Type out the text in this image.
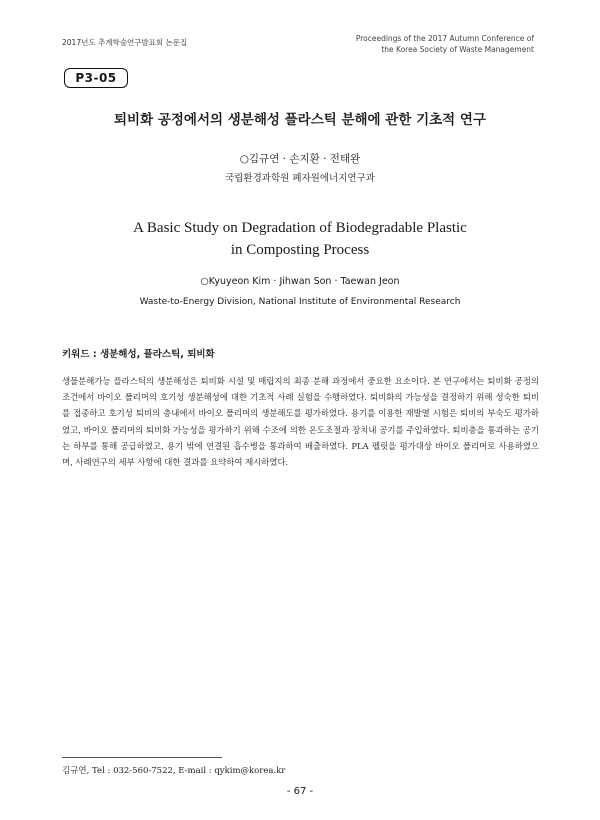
2017년도 추계학술연구발표회 논문집	Proceedings of the 2017 Autumn Conference of
the Korea Society of Waste Management
P3-05
퇴비화 공정에서의 생분해성 플라스틱 분해에 관한 기초적 연구
○김규연 · 손지환 · 전태완
국립환경과학원 폐자원에너지연구과
A Basic Study on Degradation of Biodegradable Plastic
in Composting Process
○Kyuyeon Kim · Jihwan Son · Taewan Jeon
Waste-to-Energy Division, National Institute of Environmental Research
키워드 : 생분해성, 플라스틱, 퇴비화
생물분해가능 플라스틱의 생분해성은 퇴비화 시설 및 매립지의 최종 분해 과정에서 중요한 요소이다. 본 연구에서는 퇴비화 공정의 조건에서 바이오 폴리머의 호기성 생분해성에 대한 기초적 사례 실험을 수행하였다. 퇴비화의 가능성을 결정하기 위해 성숙한 퇴비를 접종하고 호기성 퇴비의 층내에서 바이오 폴리머의 생분해도를 평가하였다. 용기를 이용한 재발열 시험은 퇴비의 부숙도 평가하였고, 바이오 폴리머의 퇴비화 가능성을 평가하기 위해 수조에 의한 온도조절과 장치내 공기를 주입하였다. 퇴비층을 통과하는 공기는 하부를 통해 공급하였고, 용기 밖에 연결된 흡수병을 통과하여 배출하였다. PLA 펠릿을 평가대상 바이오 폴리머로 사용하였으며, 사례연구의 세부 사항에 대한 결과를 요약하여 제시하였다.
김규연, Tel : 032-560-7522, E-mail : qykim@korea.kr
- 67 -
